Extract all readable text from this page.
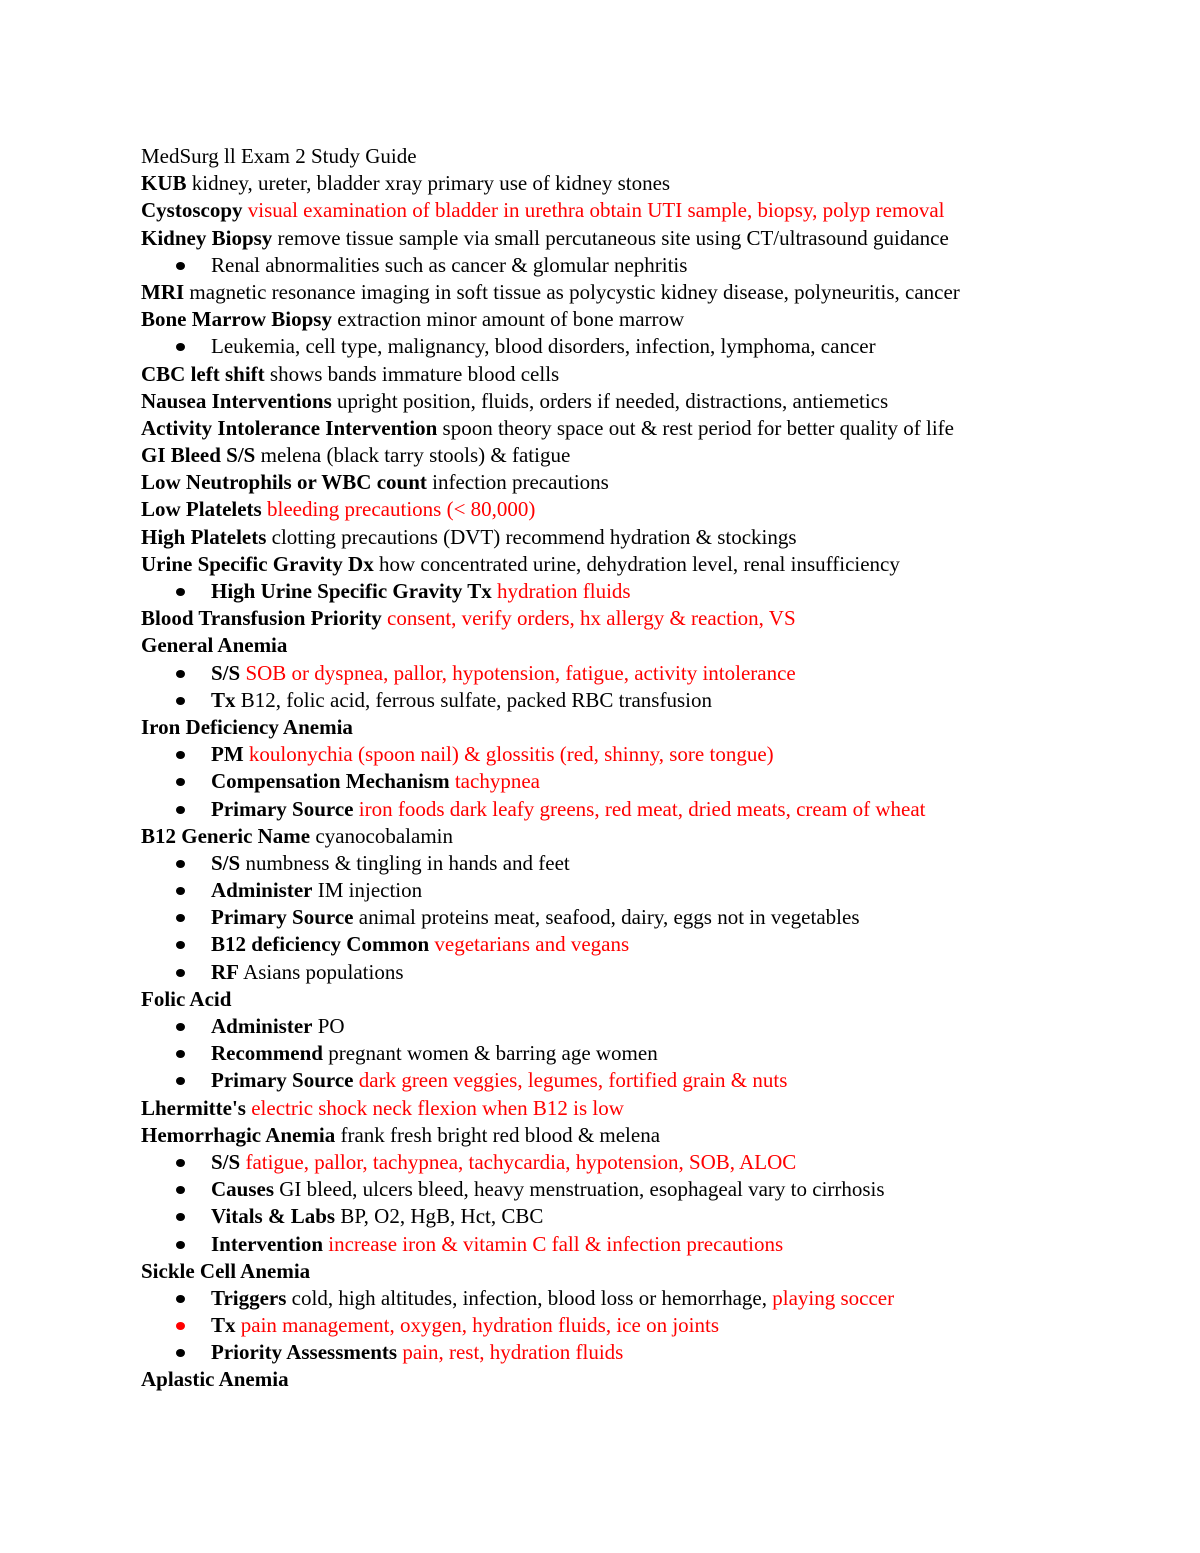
MedSurg ll Exam 2 Study Guide
KUB kidney, ureter, bladder xray primary use of kidney stones
Cystoscopy visual examination of bladder in urethra obtain UTI sample, biopsy, polyp removal
Kidney Biopsy remove tissue sample via small percutaneous site using CT/ultrasound guidance
Renal abnormalities such as cancer & glomular nephritis
MRI magnetic resonance imaging in soft tissue as polycystic kidney disease, polyneuritis, cancer
Bone Marrow Biopsy extraction minor amount of bone marrow
Leukemia, cell type, malignancy, blood disorders, infection, lymphoma, cancer
CBC left shift shows bands immature blood cells
Nausea Interventions upright position, fluids, orders if needed, distractions, antiemetics
Activity Intolerance Intervention spoon theory space out & rest period for better quality of life
GI Bleed S/S melena (black tarry stools) & fatigue
Low Neutrophils or WBC count infection precautions
Low Platelets bleeding precautions (< 80,000)
High Platelets clotting precautions (DVT) recommend hydration & stockings
Urine Specific Gravity Dx how concentrated urine, dehydration level, renal insufficiency
High Urine Specific Gravity Tx hydration fluids
Blood Transfusion Priority consent, verify orders, hx allergy & reaction, VS
General Anemia
S/S SOB or dyspnea, pallor, hypotension, fatigue, activity intolerance
Tx B12, folic acid, ferrous sulfate, packed RBC transfusion
Iron Deficiency Anemia
PM koulonychia (spoon nail) & glossitis (red, shinny, sore tongue)
Compensation Mechanism tachypnea
Primary Source iron foods dark leafy greens, red meat, dried meats, cream of wheat
B12 Generic Name cyanocobalamin
S/S numbness & tingling in hands and feet
Administer IM injection
Primary Source animal proteins meat, seafood, dairy, eggs not in vegetables
B12 deficiency Common vegetarians and vegans
RF Asians populations
Folic Acid
Administer PO
Recommend pregnant women & barring age women
Primary Source dark green veggies, legumes, fortified grain & nuts
Lhermitte's electric shock neck flexion when B12 is low
Hemorrhagic Anemia frank fresh bright red blood & melena
S/S fatigue, pallor, tachypnea, tachycardia, hypotension, SOB, ALOC
Causes GI bleed, ulcers bleed, heavy menstruation, esophageal vary to cirrhosis
Vitals & Labs BP, O2, HgB, Hct, CBC
Intervention increase iron & vitamin C fall & infection precautions
Sickle Cell Anemia
Triggers cold, high altitudes, infection, blood loss or hemorrhage, playing soccer
Tx pain management, oxygen, hydration fluids, ice on joints
Priority Assessments pain, rest, hydration fluids
Aplastic Anemia
